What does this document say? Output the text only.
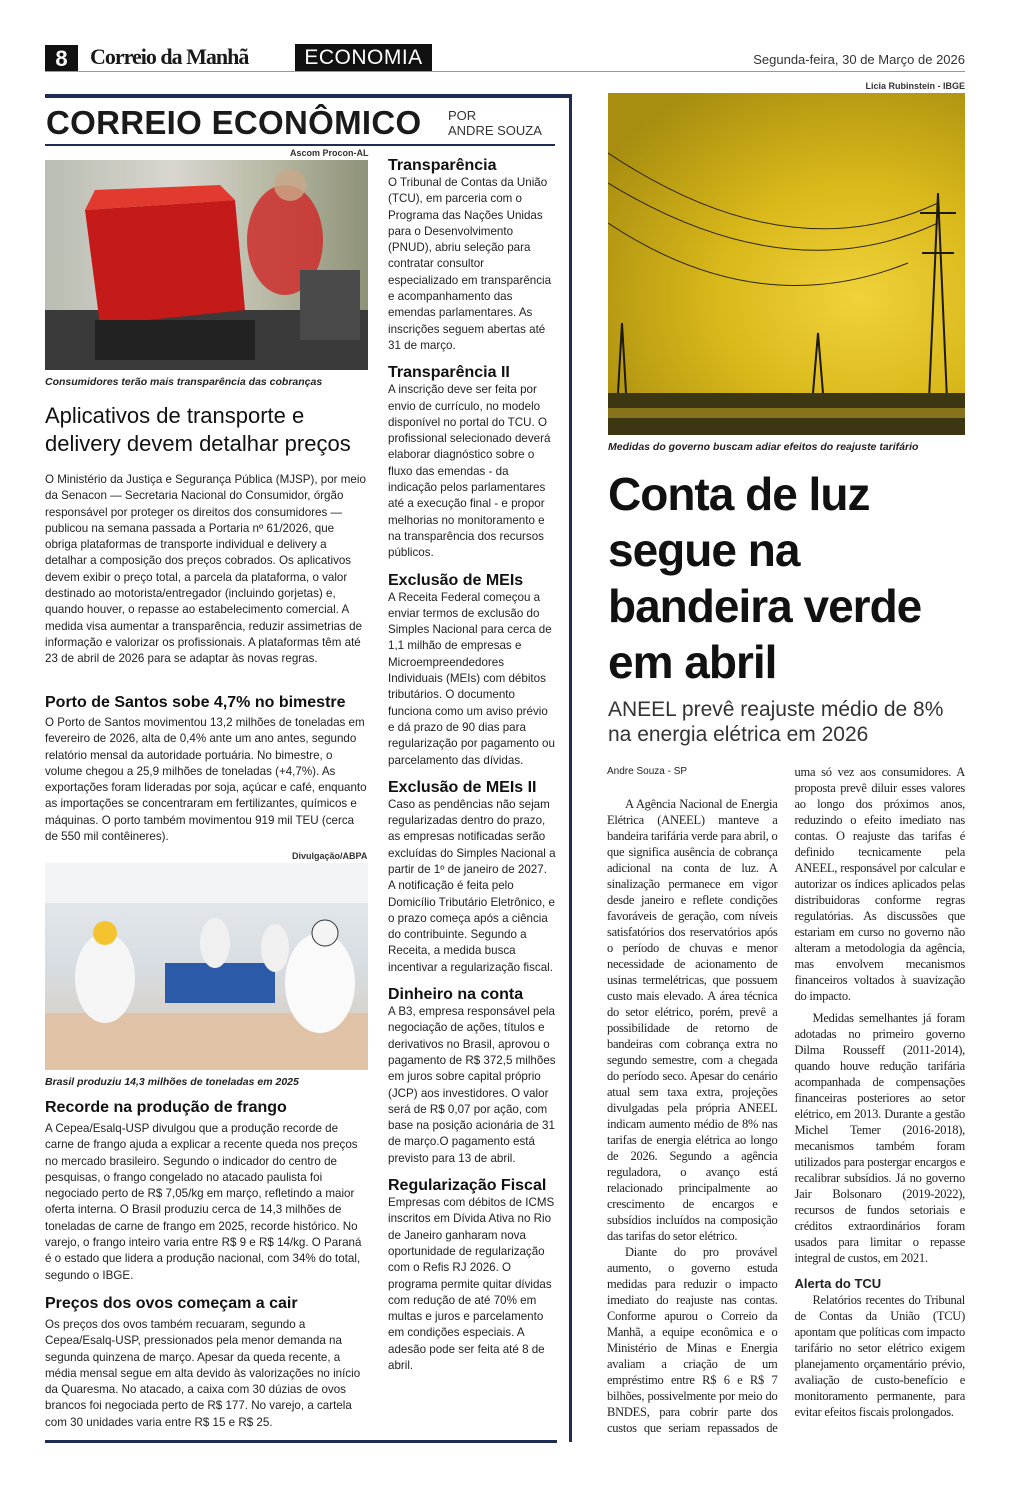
8	Correio da Manhã	ECONOMIA	Segunda-feira, 30 de Março de 2026
CORREIO ECONÔMICO POR
ANDRE SOUZA
Ascom Procon-AL
Consumidores terão mais transparência das cobranças
Aplicativos de transporte e delivery devem detalhar preços
O Ministério da Justiça e Segurança Pública (MJSP), por meio da Senacon — Secretaria Nacional do Consumidor, órgão responsável por proteger os direitos dos consumidores — publicou na semana passada a Portaria nº 61/2026, que obriga plataformas de transporte individual e delivery a detalhar a composição dos preços cobrados. Os aplicativos devem exibir o preço total, a parcela da plataforma, o valor destinado ao motorista/entregador (incluindo gorjetas) e, quando houver, o repasse ao estabelecimento comercial. A medida visa aumentar a transparência, reduzir assimetrias de informação e valorizar os profissionais. A plataformas têm até 23 de abril de 2026 para se adaptar às novas regras.
Porto de Santos sobe 4,7% no bimestre
O Porto de Santos movimentou 13,2 milhões de toneladas em fevereiro de 2026, alta de 0,4% ante um ano antes, segundo relatório mensal da autoridade portuária. No bimestre, o volume chegou a 25,9 milhões de toneladas (+4,7%). As exportações foram lideradas por soja, açúcar e café, enquanto as importações se concentraram em fertilizantes, químicos e máquinas. O porto também movimentou 919 mil TEU (cerca de 550 mil contêineres).
Divulgação/ABPA
Brasil produziu 14,3 milhões de toneladas em 2025
Recorde na produção de frango
A Cepea/Esalq-USP divulgou que a produção recorde de carne de frango ajuda a explicar a recente queda nos preços no mercado brasileiro. Segundo o indicador do centro de pesquisas, o frango congelado no atacado paulista foi negociado perto de R$ 7,05/kg em março, refletindo a maior oferta interna. O Brasil produziu cerca de 14,3 milhões de toneladas de carne de frango em 2025, recorde histórico. No varejo, o frango inteiro varia entre R$ 9 e R$ 14/kg. O Paraná é o estado que lidera a produção nacional, com 34% do total, segundo o IBGE.
Preços dos ovos começam a cair
Os preços dos ovos também recuaram, segundo a Cepea/Esalq-USP, pressionados pela menor demanda na segunda quinzena de março. Apesar da queda recente, a média mensal segue em alta devido às valorizações no início da Quaresma. No atacado, a caixa com 30 dúzias de ovos brancos foi negociada perto de R$ 177. No varejo, a cartela com 30 unidades varia entre R$ 15 e R$ 25.
Transparência
O Tribunal de Contas da União (TCU), em parceria com o Programa das Nações Unidas para o Desenvolvimento (PNUD), abriu seleção para contratar consultor especializado em transparência e acompanhamento das emendas parlamentares. As inscrições seguem abertas até 31 de março.
Transparência II
A inscrição deve ser feita por envio de currículo, no modelo disponível no portal do TCU. O profissional selecionado deverá elaborar diagnóstico sobre o fluxo das emendas - da indicação pelos parlamentares até a execução final - e propor melhorias no monitoramento e na transparência dos recursos públicos.
Exclusão de MEIs
A Receita Federal começou a enviar termos de exclusão do Simples Nacional para cerca de 1,1 milhão de empresas e Microempreendedores Individuais (MEIs) com débitos tributários. O documento funciona como um aviso prévio e dá prazo de 90 dias para regularização por pagamento ou parcelamento das dívidas.
Exclusão de MEIs II
Caso as pendências não sejam regularizadas dentro do prazo, as empresas notificadas serão excluídas do Simples Nacional a partir de 1º de janeiro de 2027. A notificação é feita pelo Domicílio Tributário Eletrônico, e o prazo começa após a ciência do contribuinte. Segundo a Receita, a medida busca incentivar a regularização fiscal.
Dinheiro na conta
A B3, empresa responsável pela negociação de ações, títulos e derivativos no Brasil, aprovou o pagamento de R$ 372,5 milhões em juros sobre capital próprio (JCP) aos investidores. O valor será de R$ 0,07 por ação, com base na posição acionária de 31 de março.O pagamento está previsto para 13 de abril.
Regularização Fiscal
Empresas com débitos de ICMS inscritos em Dívida Ativa no Rio de Janeiro ganharam nova oportunidade de regularização com o Refis RJ 2026. O programa permite quitar dívidas com redução de até 70% em multas e juros e parcelamento em condições especiais. A adesão pode ser feita até 8 de abril.
Licia Rubinstein - IBGE
Medidas do governo buscam adiar efeitos do reajuste tarifário
Conta de luz segue na bandeira verde em abril
ANEEL prevê reajuste médio de 8% na energia elétrica em 2026
Andre Souza - SP

A Agência Nacional de Energia Elétrica (ANEEL) manteve a bandeira tarifária verde para abril, o que significa ausência de cobrança adicional na conta de luz. A sinalização permanece em vigor desde janeiro e reflete condições favoráveis de geração, com níveis satisfatórios dos reservatórios após o período de chuvas e menor necessidade de acionamento de usinas termelétricas, que possuem custo mais elevado. A área técnica do setor elétrico, porém, prevê a possibilidade de retorno de bandeiras com cobrança extra no segundo semestre, com a chegada do período seco. Apesar do cenário atual sem taxa extra, projeções divulgadas pela própria ANEEL indicam aumento médio de 8% nas tarifas de energia elétrica ao longo de 2026. Segundo a agência reguladora, o avanço está relacionado principalmente ao crescimento de encargos e subsídios incluídos na composição das tarifas do setor elétrico.

Diante do pro provável aumento, o governo estuda medidas para reduzir o impacto imediato do reajuste nas contas. Conforme apurou o Correio da Manhã, a equipe econômica e o Ministério de Minas e Energia avaliam a criação de um empréstimo entre R$ 6 e R$ 7 bilhões, possivelmente por meio do BNDES, para cobrir parte dos custos que seriam repassados de uma só vez aos consumidores. A proposta prevê diluir esses valores ao longo dos próximos anos, reduzindo o efeito imediato nas contas. O reajuste das tarifas é definido tecnicamente pela ANEEL, responsável por calcular e autorizar os índices aplicados pelas distribuidoras conforme regras regulatórias. As discussões que estariam em curso no governo não alteram a metodologia da agência, mas envolvem mecanismos financeiros voltados à suavização do impacto.

Medidas semelhantes já foram adotadas no primeiro governo Dilma Rousseff (2011-2014), quando houve redução tarifária acompanhada de compensações financeiras posteriores ao setor elétrico, em 2013. Durante a gestão Michel Temer (2016-2018), mecanismos também foram utilizados para postergar encargos e recalibrar subsídios. Já no governo Jair Bolsonaro (2019-2022), recursos de fundos setoriais e créditos extraordinários foram usados para limitar o repasse integral de custos, em 2021.

Alerta do TCU

Relatórios recentes do Tribunal de Contas da União (TCU) apontam que políticas com impacto tarifário no setor elétrico exigem planejamento orçamentário prévio, avaliação de custo-benefício e monitoramento permanente, para evitar efeitos fiscais prolongados.
